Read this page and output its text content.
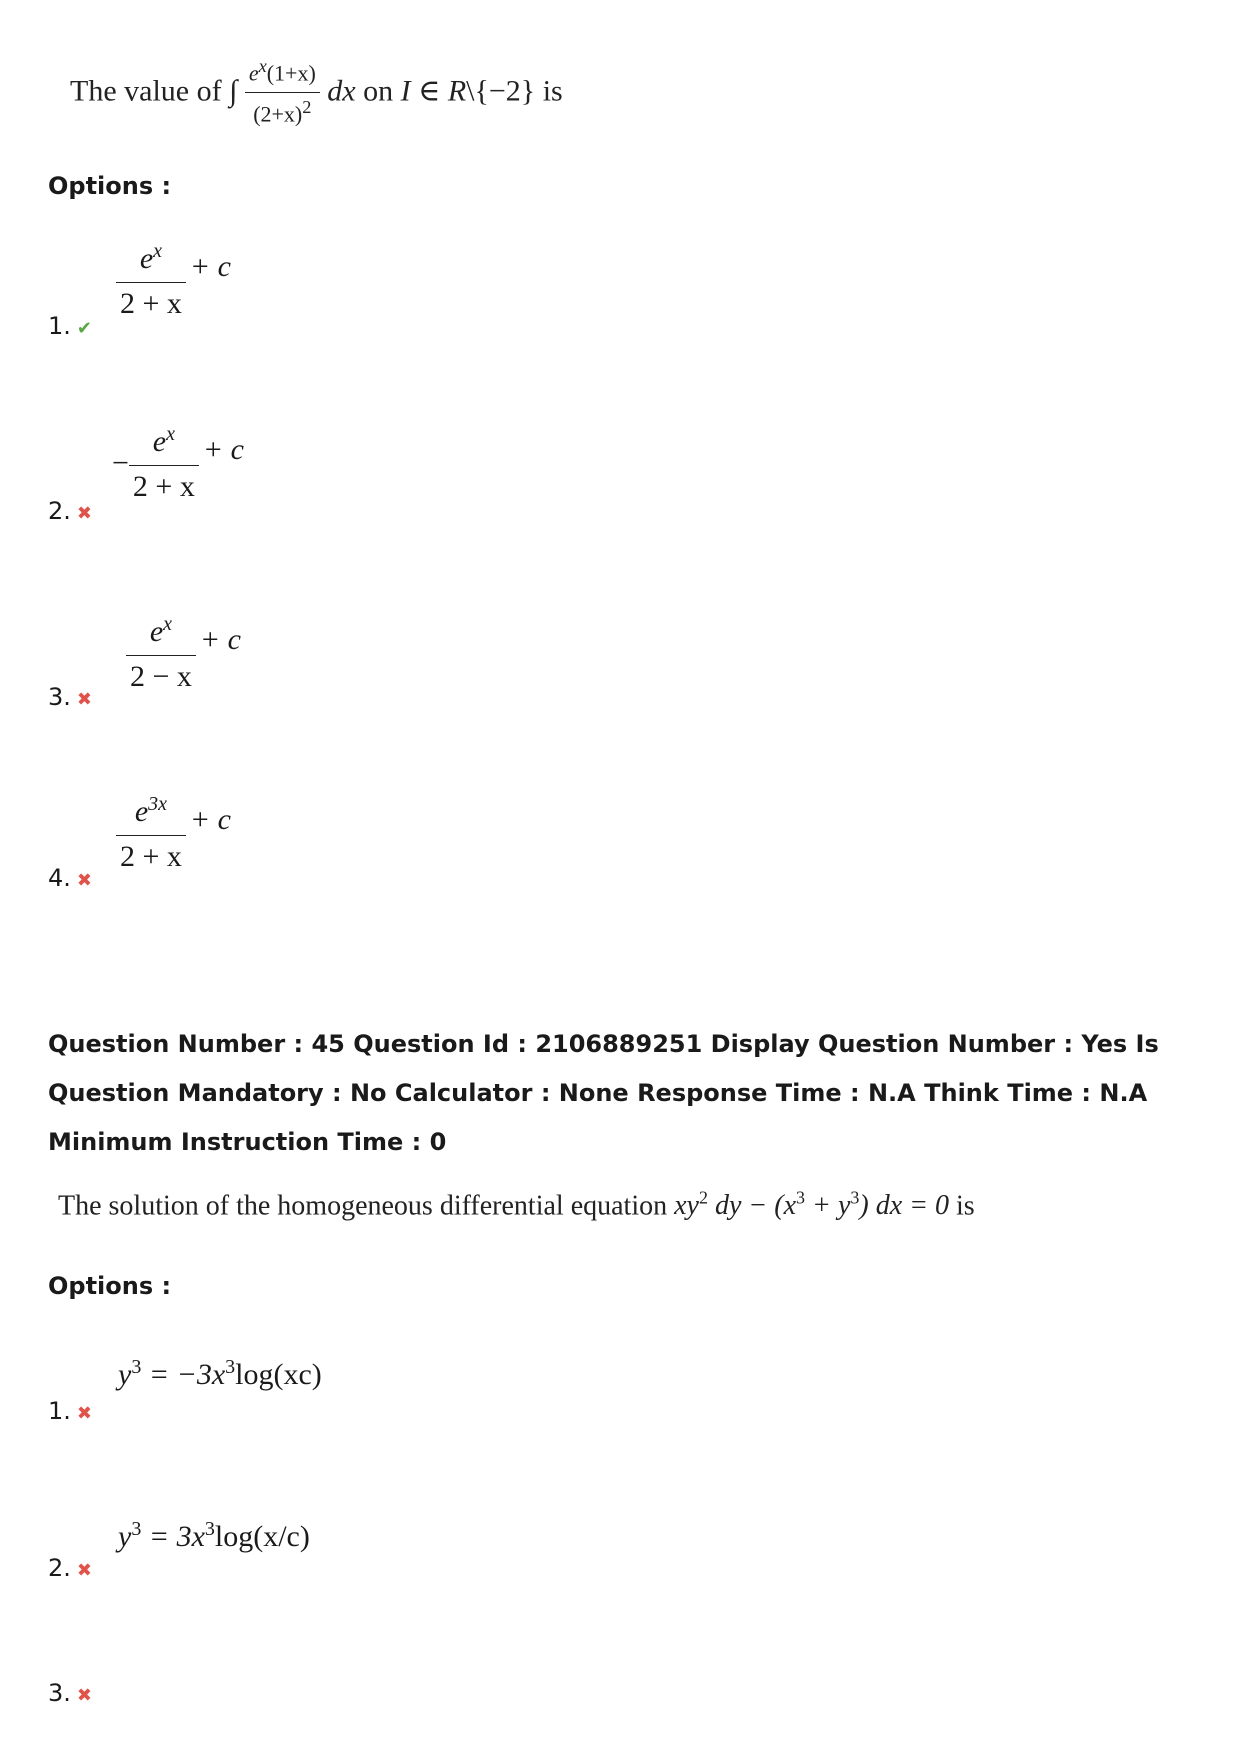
The value of ∫ $\frac{e^x(1+x)}{(2+x)^2}$ dx on I ∈ R\{−2} is
Options :
$\frac{e^x}{2 + x} + c$
1. ✔
− $\frac{e^x}{2 + x} + c$
2. ✖
$\frac{e^x}{2 - x} + c$
3. ✖
$\frac{e^{3x}}{2 + x} + c$
4. ✖
Question Number : 45 Question Id : 2106889251 Display Question Number : Yes Is Question Mandatory : No Calculator : None Response Time : N.A Think Time : N.A Minimum Instruction Time : 0
The solution of the homogeneous differential equation $xy^2$ dy − $(x^3 + y^3)$ dx = 0 is
Options :
$y^3 = -3x^3\log(xc)$
1. ✖
$y^3 = 3x^3\log(x/c)$
2. ✖
3. ✖
